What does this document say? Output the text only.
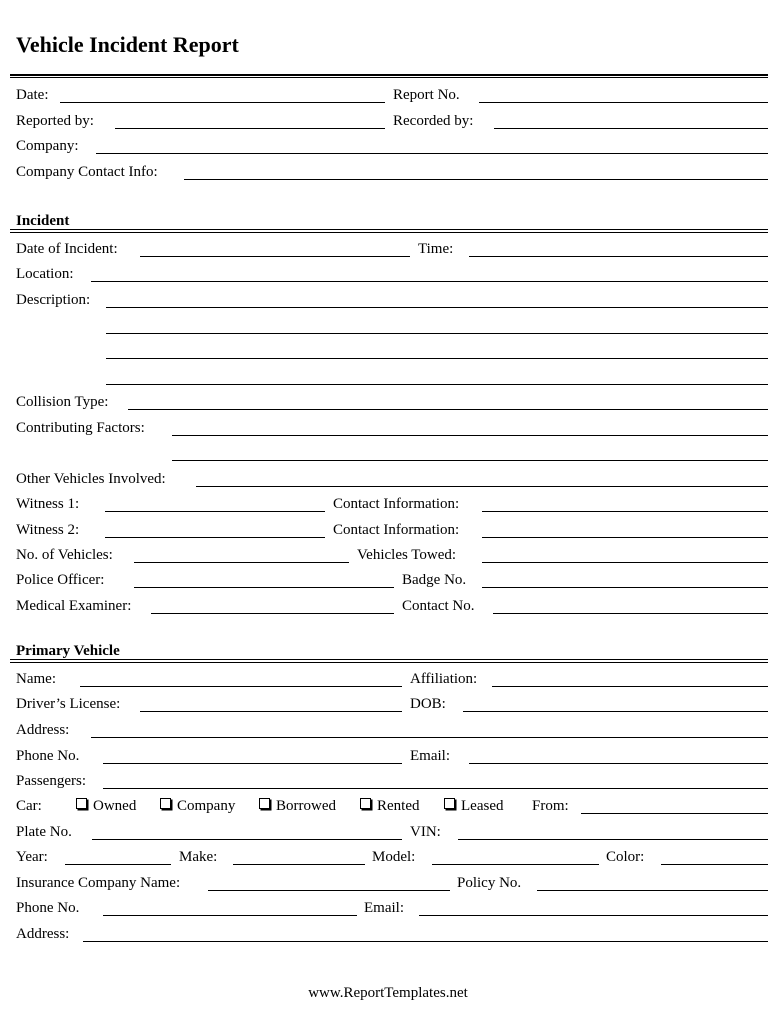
Vehicle Incident Report
Date:	Report No.
Reported by:	Recorded by:
Company:
Company Contact Info:
Incident
Date of Incident:	Time:
Location:
Description:
Collision Type:
Contributing Factors:
Other Vehicles Involved:
Witness 1:	Contact Information:
Witness 2:	Contact Information:
No. of Vehicles:	Vehicles Towed:
Police Officer:	Badge No.
Medical Examiner:	Contact No.
Primary Vehicle
Name:	Affiliation:
Driver’s License:	DOB:
Address:
Phone No.	Email:
Passengers:
Car:	Owned	Company	Borrowed	Rented	Leased From:
Plate No.	VIN:
Year:	Make:	Model:	Color:
Insurance Company Name:	Policy No.
Phone No.	Email:
Address:
www.ReportTemplates.net
